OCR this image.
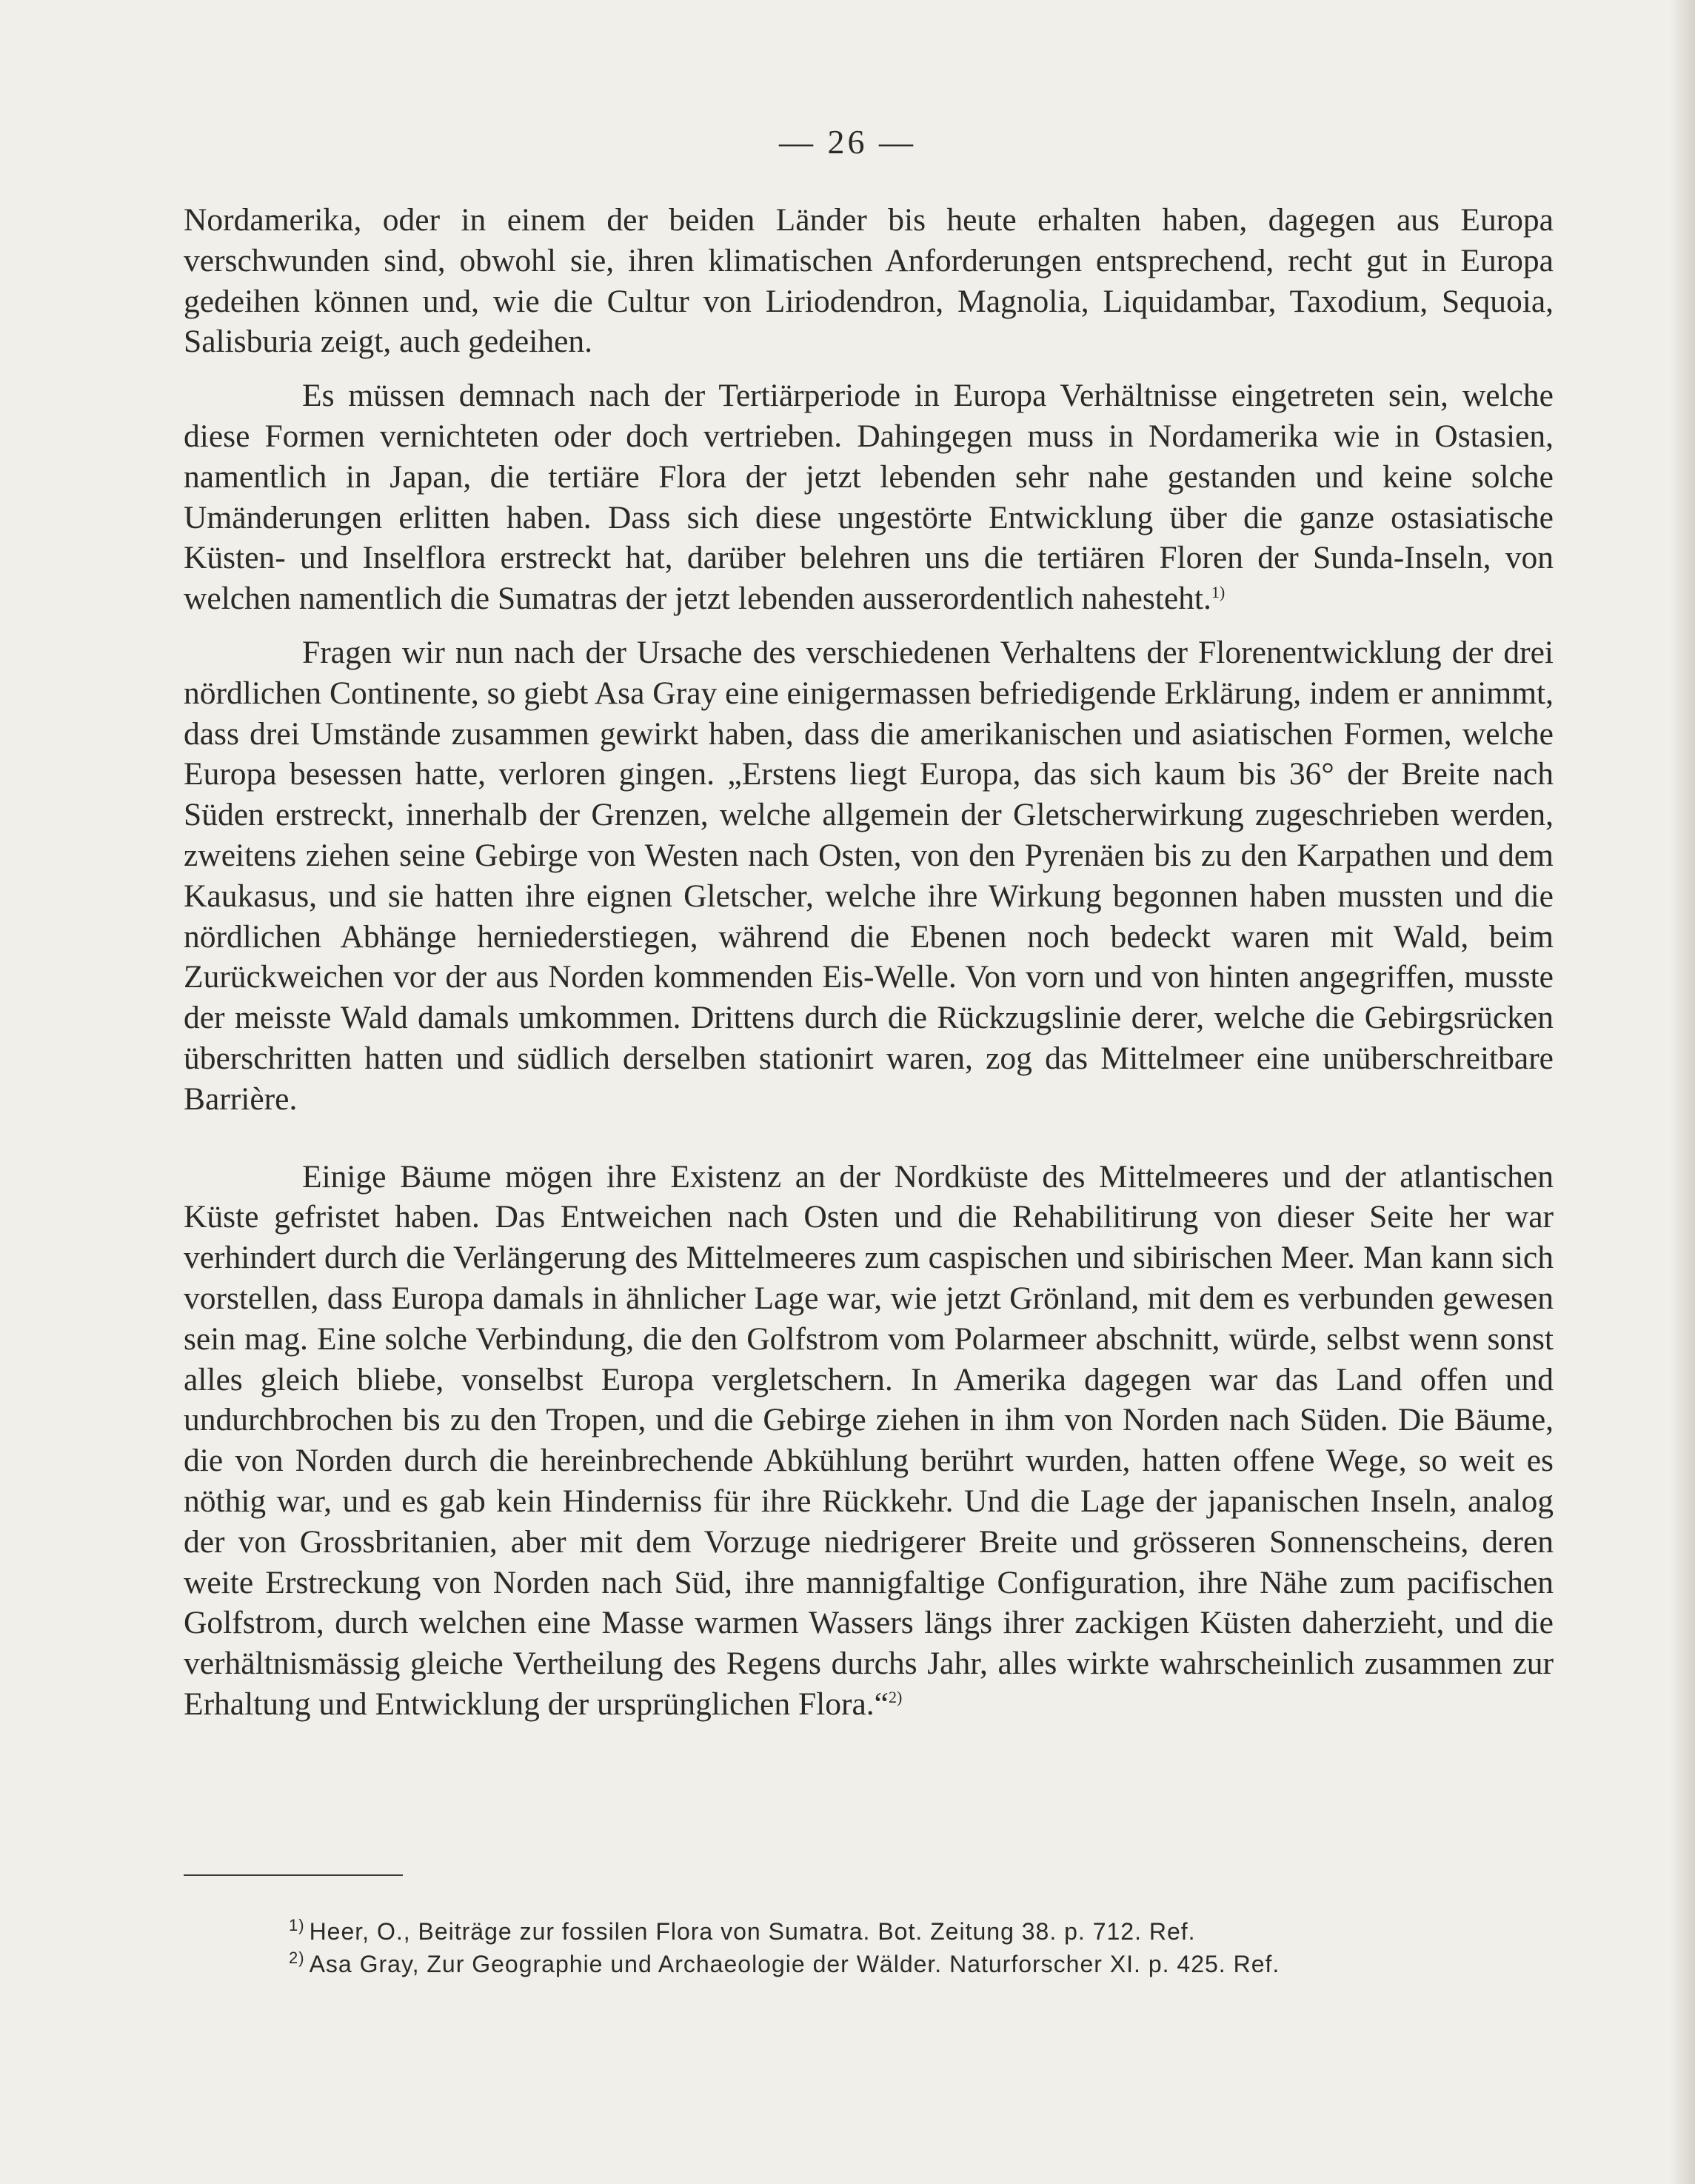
— 26 —

Nordamerika, oder in einem der beiden Länder bis heute erhalten haben, dagegen aus Europa verschwunden sind, obwohl sie, ihren klimatischen Anforderungen entsprechend, recht gut in Europa gedeihen können und, wie die Cultur von Liriodendron, Magnolia, Liquidambar, Taxodium, Sequoia, Salisburia zeigt, auch gedeihen.

Es müssen demnach nach der Tertiärperiode in Europa Verhältnisse eingetreten sein, welche diese Formen vernichteten oder doch vertrieben. Dahingegen muss in Nordamerika wie in Ostasien, namentlich in Japan, die tertiäre Flora der jetzt lebenden sehr nahe gestanden und keine solche Umänderungen erlitten haben. Dass sich diese ungestörte Entwicklung über die ganze ostasiatische Küsten- und Inselflora erstreckt hat, darüber belehren uns die tertiären Floren der Sunda-Inseln, von welchen namentlich die Sumatras der jetzt lebenden ausserordentlich nahesteht.$^{1)}$

Fragen wir nun nach der Ursache des verschiedenen Verhaltens der Florenentwicklung der drei nördlichen Continente, so giebt Asa Gray eine einigermassen befriedigende Erklärung, indem er annimmt, dass drei Umstände zusammen gewirkt haben, dass die amerikanischen und asiatischen Formen, welche Europa besessen hatte, verloren gingen. „Erstens liegt Europa, das sich kaum bis 36° der Breite nach Süden erstreckt, innerhalb der Grenzen, welche allgemein der Gletscherwirkung zugeschrieben werden, zweitens ziehen seine Gebirge von Westen nach Osten, von den Pyrenäen bis zu den Karpathen und dem Kaukasus, und sie hatten ihre eignen Gletscher, welche ihre Wirkung begonnen haben mussten und die nördlichen Abhänge herniederstiegen, während die Ebenen noch bedeckt waren mit Wald, beim Zurückweichen vor der aus Norden kommenden Eis-Welle. Von vorn und von hinten angegriffen, musste der meisste Wald damals umkommen. Drittens durch die Rückzugslinie derer, welche die Gebirgsrücken überschritten hatten und südlich derselben stationirt waren, zog das Mittelmeer eine unüberschreitbare Barrière.

Einige Bäume mögen ihre Existenz an der Nordküste des Mittelmeeres und der atlantischen Küste gefristet haben. Das Entweichen nach Osten und die Rehabilitirung von dieser Seite her war verhindert durch die Verlängerung des Mittelmeeres zum caspischen und sibirischen Meer. Man kann sich vorstellen, dass Europa damals in ähnlicher Lage war, wie jetzt Grönland, mit dem es verbunden gewesen sein mag. Eine solche Verbindung, die den Golfstrom vom Polarmeer abschnitt, würde, selbst wenn sonst alles gleich bliebe, vonselbst Europa vergletschern. In Amerika dagegen war das Land offen und undurchbrochen bis zu den Tropen, und die Gebirge ziehen in ihm von Norden nach Süden. Die Bäume, die von Norden durch die hereinbrechende Abkühlung berührt wurden, hatten offene Wege, so weit es nöthig war, und es gab kein Hinderniss für ihre Rückkehr. Und die Lage der japanischen Inseln, analog der von Grossbritanien, aber mit dem Vorzuge niedrigerer Breite und grösseren Sonnenscheins, deren weite Erstreckung von Norden nach Süd, ihre mannigfaltige Configuration, ihre Nähe zum pacifischen Golfstrom, durch welchen eine Masse warmen Wassers längs ihrer zackigen Küsten daherzieht, und die verhältnismässig gleiche Vertheilung des Regens durchs Jahr, alles wirkte wahrscheinlich zusammen zur Erhaltung und Entwicklung der ursprünglichen Flora.“$^{2)}$

$^{1)}$ Heer, O., Beiträge zur fossilen Flora von Sumatra. Bot. Zeitung 38. p. 712. Ref.
$^{2)}$ Asa Gray, Zur Geographie und Archaeologie der Wälder. Naturforscher XI. p. 425. Ref.
